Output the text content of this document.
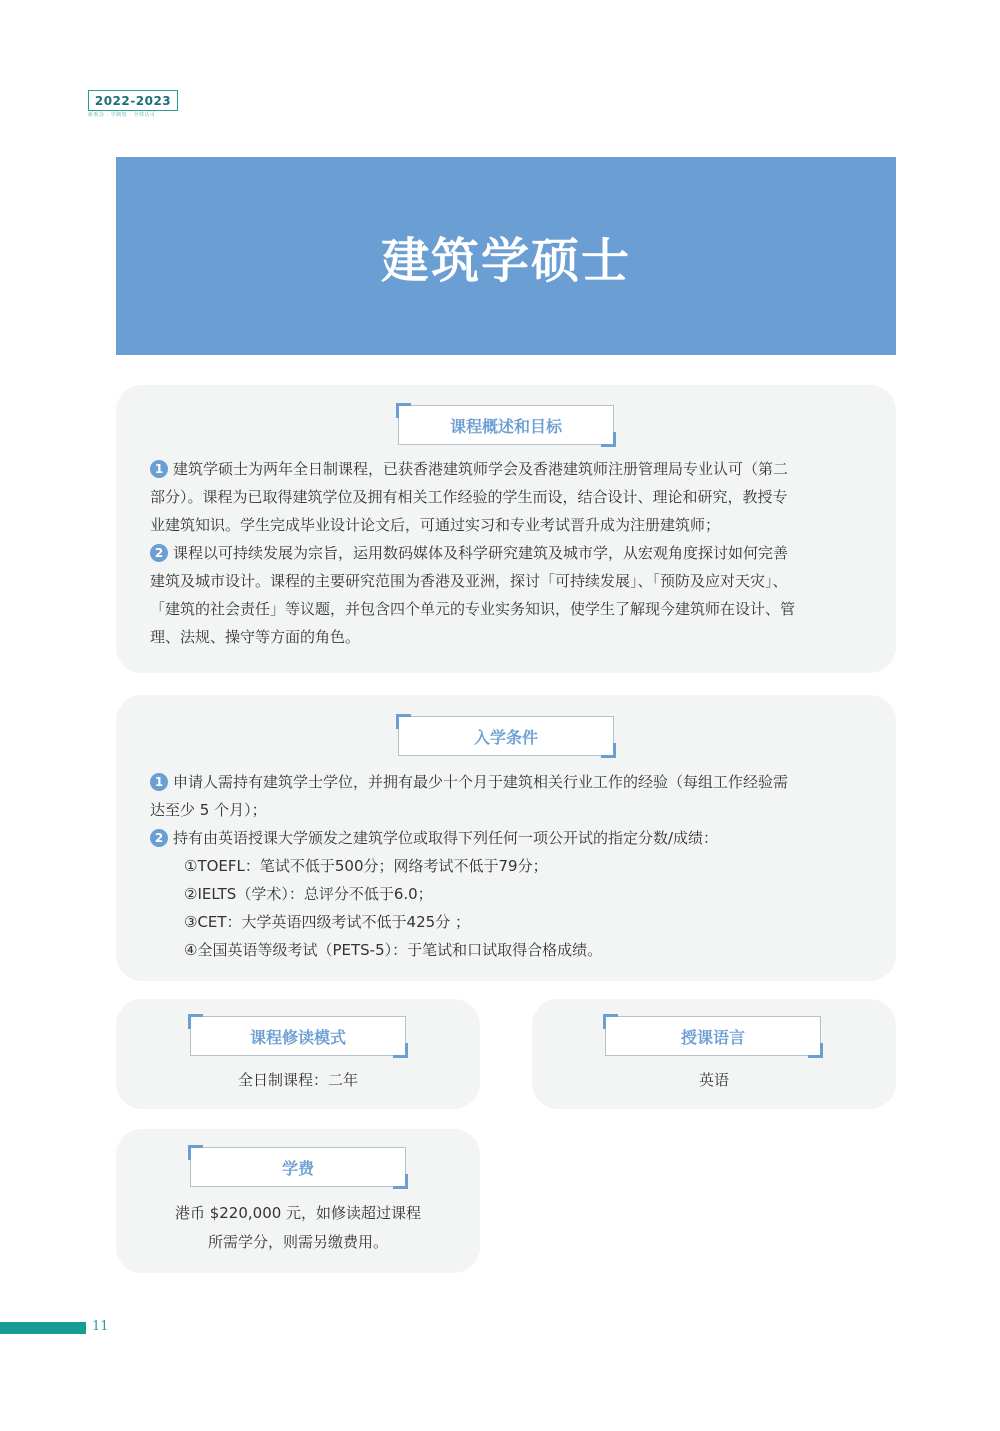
2022-2023
新观念 · 学制短 · 全球认可
建筑学硕士
课程概述和目标
1 建筑学硕士为两年全日制课程，已获香港建筑师学会及香港建筑师注册管理局专业认可（第二
部分）。课程为已取得建筑学位及拥有相关工作经验的学生而设，结合设计、理论和研究，教授专
业建筑知识。学生完成毕业设计论文后，可通过实习和专业考试晋升成为注册建筑师；
2 课程以可持续发展为宗旨，运用数码媒体及科学研究建筑及城市学，从宏观角度探讨如何完善
建筑及城市设计。课程的主要研究范围为香港及亚洲，探讨「可持续发展」、「预防及应对天灾」、
「建筑的社会责任」等议题，并包含四个单元的专业实务知识，使学生了解现今建筑师在设计、管
理、法规、操守等方面的角色。
入学条件
1 申请人需持有建筑学士学位，并拥有最少十个月于建筑相关行业工作的经验（每组工作经验需
达至少 5 个月）；
2 持有由英语授课大学颁发之建筑学位或取得下列任何一项公开试的指定分数/成绩：
①TOEFL：笔试不低于500分；网络考试不低于79分；
②IELTS（学术）：总评分不低于6.0；
③CET：大学英语四级考试不低于425分 ；
④全国英语等级考试（PETS-5）：于笔试和口试取得合格成绩。
课程修读模式
全日制课程：二年
授课语言
英语
学费
港币 $220,000 元，如修读超过课程
所需学分，则需另缴费用。
11
